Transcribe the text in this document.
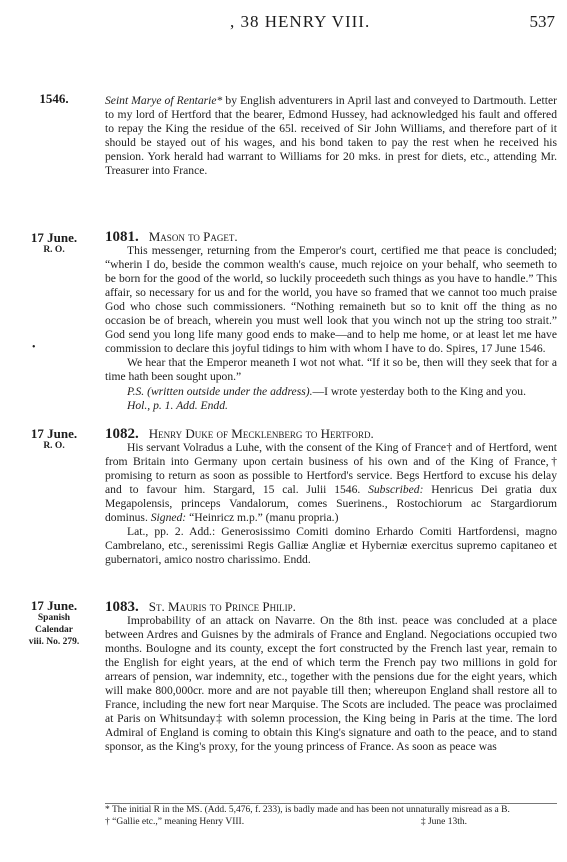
, 38 HENRY VIII.	537
1546.
17 June.
R. O.
•
17 June.
R. O.
17 June.
Spanish
Calendar
viii. No. 279.

Seint Marye of Rentarie* by English adventurers in April last and conveyed to Dartmouth. Letter to my lord of Hertford that the bearer, Edmond Hussey, had acknowledged his fault and offered to repay the King the residue of the 65l. received of Sir John Williams, and therefore part of it should be stayed out of his wages, and his bond taken to pay the rest when he received his pension. York herald had warrant to Williams for 20 mks. in prest for diets, etc., attending Mr. Treasurer into France.

1081. Mason to Paget.

This messenger, returning from the Emperor's court, certified me that peace is concluded; “wherin I do, beside the common wealth's cause, much rejoice on your behalf, who seemeth to be born for the good of the world, so luckily proceedeth such things as you have to handle.” This affair, so necessary for us and for the world, you have so framed that we cannot too much praise God who chose such commissioners. “Nothing remaineth but so to knit off the thing as no occasion be of breach, wherein you must well look that you winch not up the string too strait.” God send you long life many good ends to make—and to help me home, or at least let me have commission to declare this joyful tidings to him with whom I have to do. Spires, 17 June 1546.

We hear that the Emperor meaneth I wot not what. “If it so be, then will they seek that for a time hath been sought upon.”

P.S. (written outside under the address).—I wrote yesterday both to the King and you.

Hol., p. 1. Add. Endd.

1082. Henry Duke of Mecklenberg to Hertford.

His servant Volradus a Luhe, with the consent of the King of France† and of Hertford, went from Britain into Germany upon certain business of his own and of the King of France,† promising to return as soon as possible to Hertford's service. Begs Hertford to excuse his delay and to favour him. Stargard, 15 cal. Julii 1546. Subscribed: Henricus Dei gratia dux Megapolensis, princeps Vandalorum, comes Suerinens., Rostochiorum ac Stargardiorum dominus. Signed: “Heinricz m.p.” (manu propria.)

Lat., pp. 2. Add.: Generosissimo Comiti domino Erhardo Comiti Hartfordensi, magno Cambrelano, etc., serenissimi Regis Galliæ Angliæ et Hyberniæ exercitus supremo capitaneo et gubernatori, amico nostro charissimo. Endd.

1083. St. Mauris to Prince Philip.

Improbability of an attack on Navarre. On the 8th inst. peace was concluded at a place between Ardres and Guisnes by the admirals of France and England. Negociations occupied two months. Boulogne and its county, except the fort constructed by the French last year, remain to the English for eight years, at the end of which term the French pay two millions in gold for arrears of pension, war indemnity, etc., together with the pensions due for the eight years, which will make 800,000cr. more and are not payable till then; whereupon England shall restore all to France, including the new fort near Marquise. The Scots are included. The peace was proclaimed at Paris on Whitsunday‡ with solemn procession, the King being in Paris at the time. The lord Admiral of England is coming to obtain this King's signature and oath to the peace, and to stand sponsor, as the King's proxy, for the young princess of France. As soon as peace was

* The initial R in the MS. (Add. 5,476, f. 233), is badly made and has been not unnaturally misread as a B.

† “Gallie etc.,” meaning Henry VIII.	‡ June 13th.
